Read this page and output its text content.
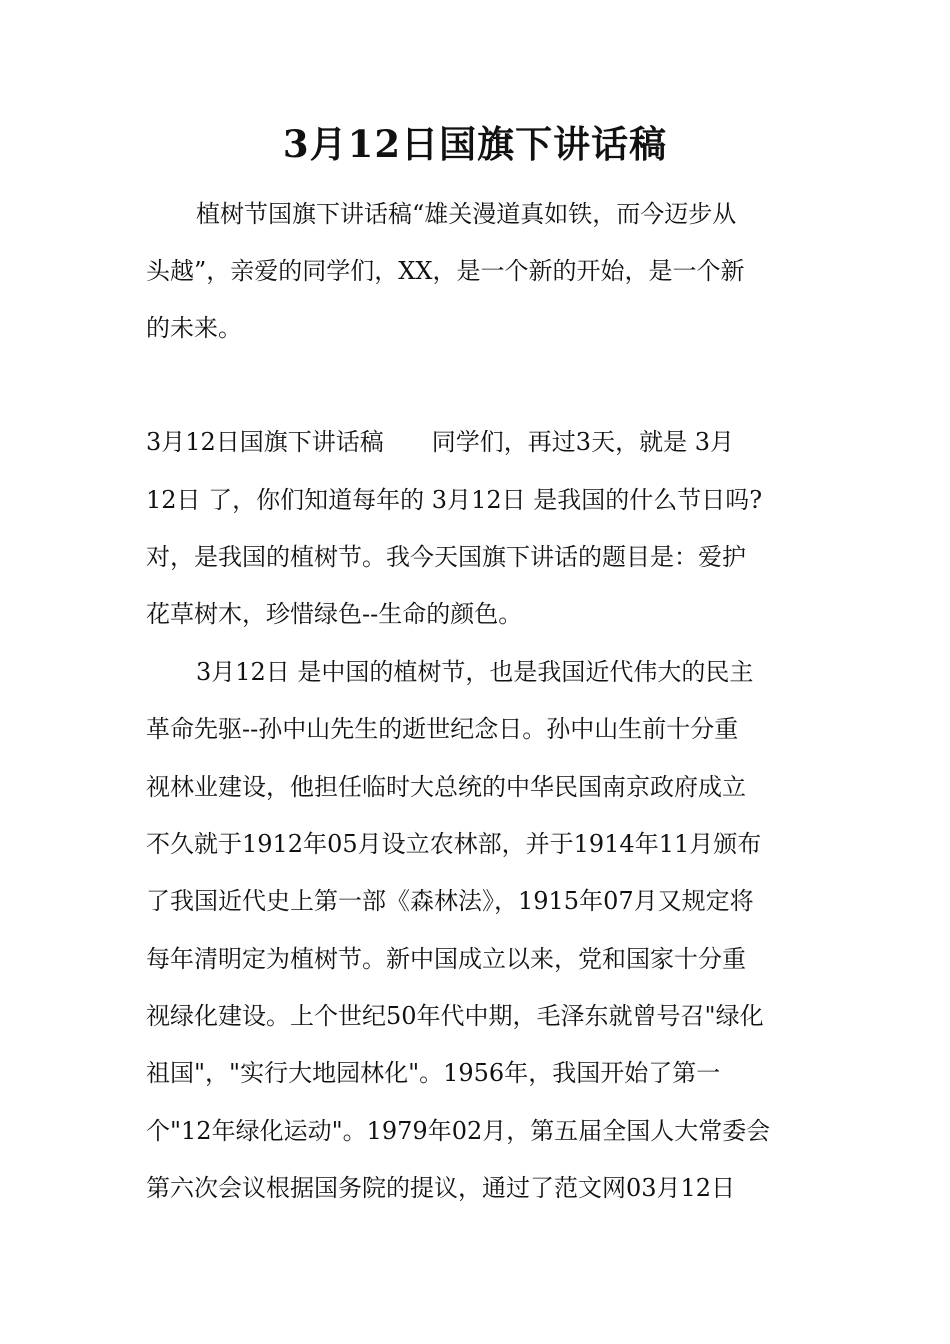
3月12日国旗下讲话稿

植树节国旗下讲话稿“雄关漫道真如铁，而今迈步从

头越”，亲爱的同学们，XX，是一个新的开始，是一个新

的未来。

3月12日国旗下讲话稿　　同学们，再过3天，就是 3月

12日 了，你们知道每年的 3月12日 是我国的什么节日吗?

对，是我国的植树节。我今天国旗下讲话的题目是：爱护

花草树木，珍惜绿色--生命的颜色。

3月12日 是中国的植树节，也是我国近代伟大的民主

革命先驱--孙中山先生的逝世纪念日。孙中山生前十分重

视林业建设，他担任临时大总统的中华民国南京政府成立

不久就于1912年05月设立农林部，并于1914年11月颁布

了我国近代史上第一部《森林法》，1915年07月又规定将

每年清明定为植树节。新中国成立以来，党和国家十分重

视绿化建设。上个世纪50年代中期，毛泽东就曾号召"绿化

祖国"，"实行大地园林化"。1956年，我国开始了第一

个"12年绿化运动"。1979年02月，第五届全国人大常委会

第六次会议根据国务院的提议，通过了范文网03月12日
